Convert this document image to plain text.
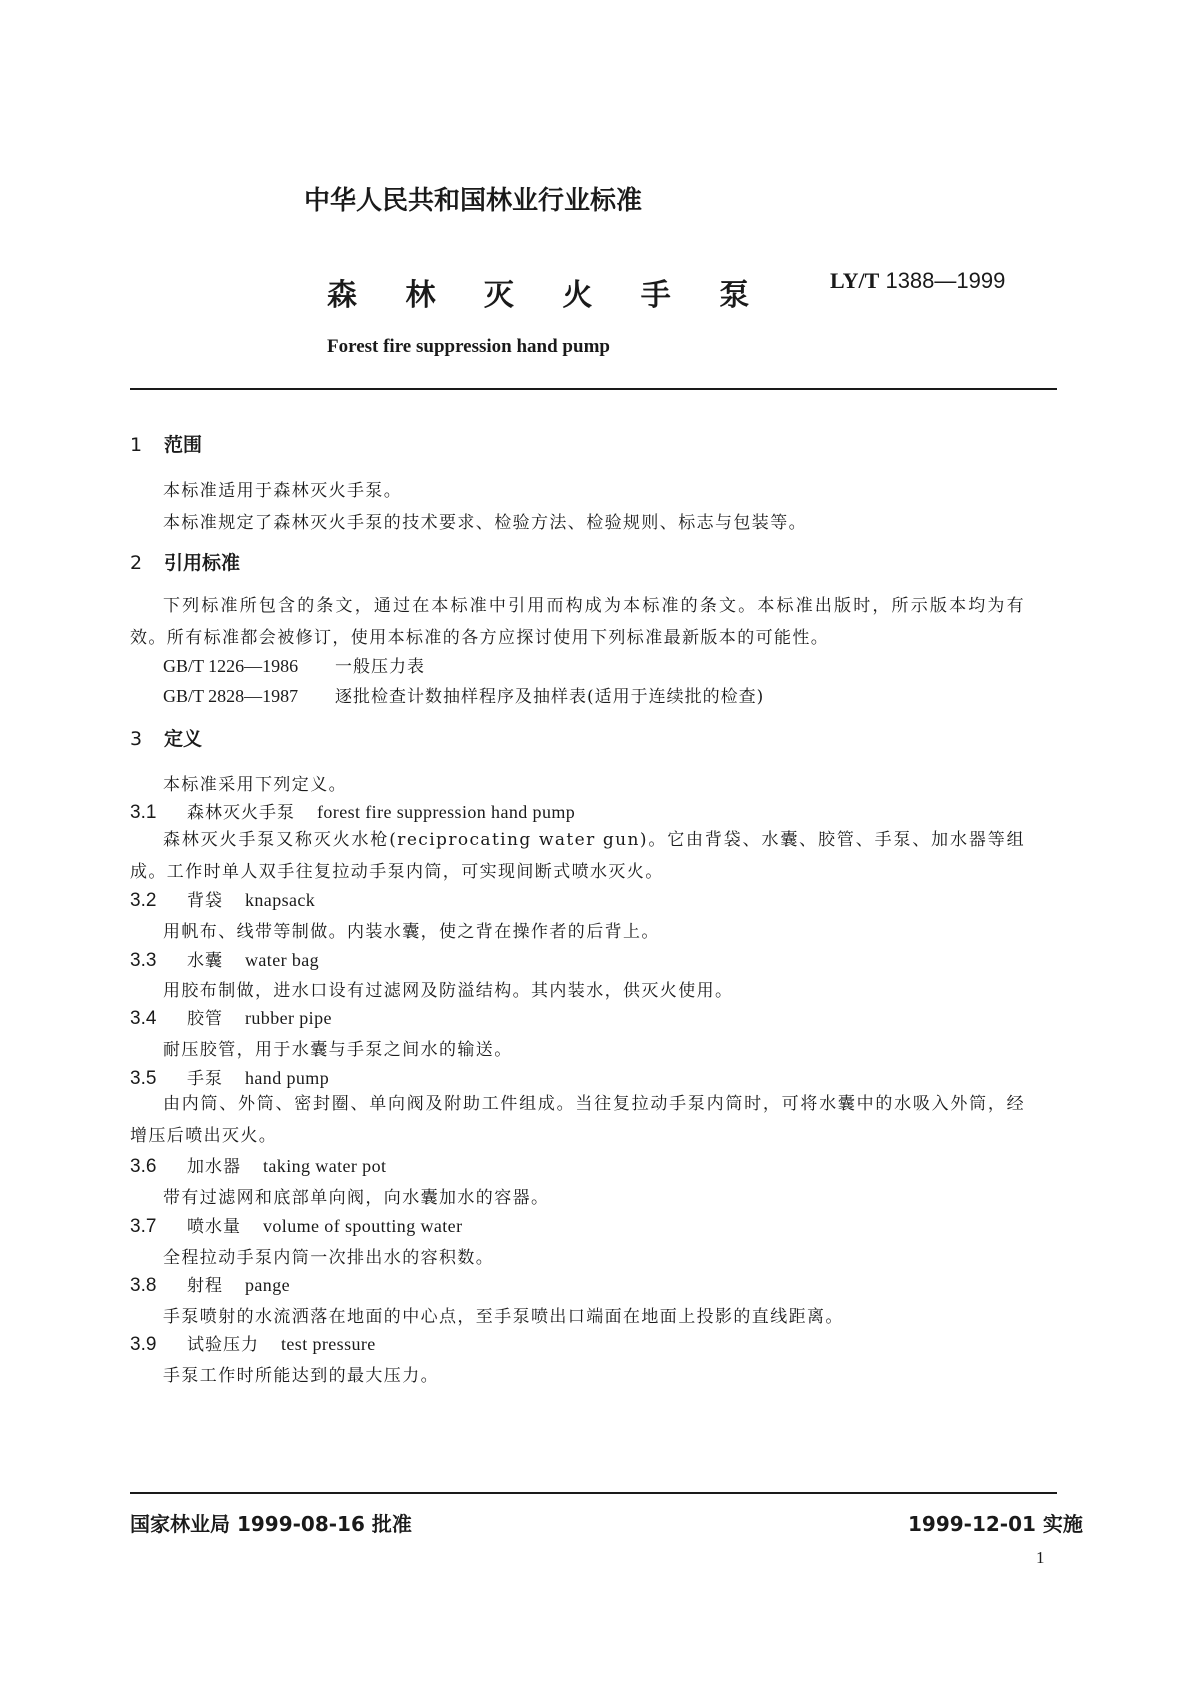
中华人民共和国林业行业标准
森 林 灭 火 手 泵	LY/T 1388—1999
Forest fire suppression hand pump
1 范围
本标准适用于森林灭火手泵。
本标准规定了森林灭火手泵的技术要求、检验方法、检验规则、标志与包装等。
2 引用标准
下列标准所包含的条文，通过在本标准中引用而构成为本标准的条文。本标准出版时，所示版本均为有效。所有标准都会被修订，使用本标准的各方应探讨使用下列标准最新版本的可能性。
GB/T 1226—1986 一般压力表
GB/T 2828—1987 逐批检查计数抽样程序及抽样表(适用于连续批的检查)
3 定义
本标准采用下列定义。
3.1 森林灭火手泵 forest fire suppression hand pump
森林灭火手泵又称灭火水枪(reciprocating water gun)。它由背袋、水囊、胶管、手泵、加水器等组成。工作时单人双手往复拉动手泵内筒，可实现间断式喷水灭火。
3.2 背袋 knapsack
用帆布、线带等制做。内装水囊，使之背在操作者的后背上。
3.3 水囊 water bag
用胶布制做，进水口设有过滤网及防溢结构。其内装水，供灭火使用。
3.4 胶管 rubber pipe
耐压胶管，用于水囊与手泵之间水的输送。
3.5 手泵 hand pump
由内筒、外筒、密封圈、单向阀及附助工件组成。当往复拉动手泵内筒时，可将水囊中的水吸入外筒，经增压后喷出灭火。
3.6 加水器 taking water pot
带有过滤网和底部单向阀，向水囊加水的容器。
3.7 喷水量 volume of spoutting water
全程拉动手泵内筒一次排出水的容积数。
3.8 射程 pange
手泵喷射的水流洒落在地面的中心点，至手泵喷出口端面在地面上投影的直线距离。
3.9 试验压力 test pressure
手泵工作时所能达到的最大压力。
国家林业局 1999-08-16 批准	1999-12-01 实施
1
